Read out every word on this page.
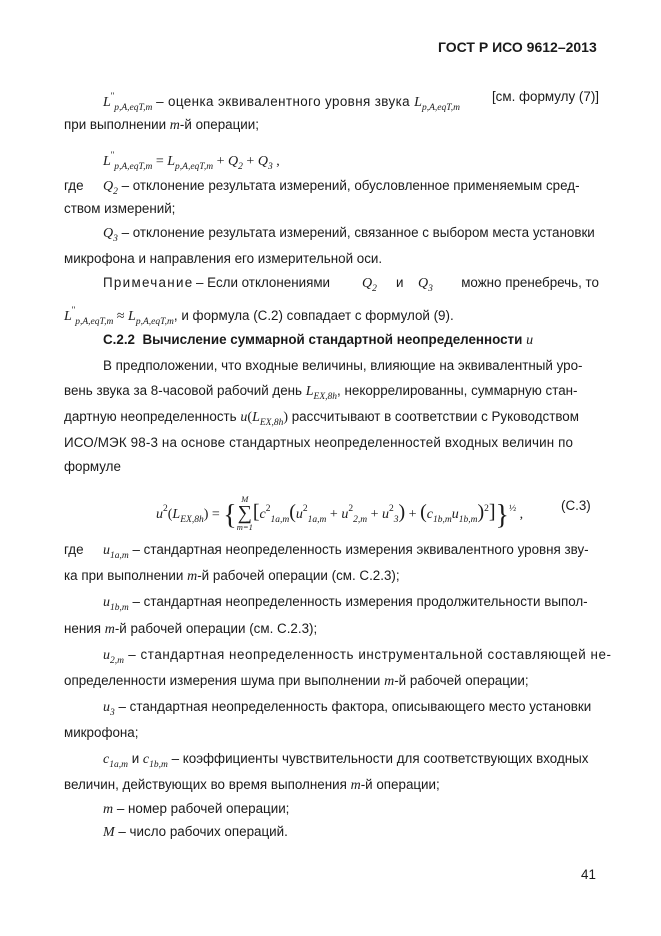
ГОСТ Р ИСО 9612–2013
$L''_{p,A,eqT,m}$ – оценка эквивалентного уровня звука $L_{p,A,eqT,m}$
[см. формулу (7)]
при выполнении m-й операции;
$L''_{p,A,eqT,m} = L_{p,A,eqT,m} + Q_2 + Q_3$ ,
где $Q_2$ – отклонение результата измерений, обусловленное применяемым сред-
ством измерений;
$Q_3$ – отклонение результата измерений, связанное с выбором места установки
микрофона и направления его измерительной оси.
Примечание – Если отклонениями $Q_2$ и $Q_3$ можно пренебречь, то
$L''_{p,A,eqT,m} \approx L_{p,A,eqT,m}$, и формула (С.2) совпадает с формулой (9).
С.2.2 Вычисление суммарной стандартной неопределенности u
В предположении, что входные величины, влияющие на эквивалентный уро-
вень звука за 8-часовой рабочий день $L_{EX,8h}$, некоррелированны, суммарную стан-
дартную неопределенность $u(L_{EX,8h})$ рассчитывают в соответствии с Руководством
ИСО/МЭК 98-3 на основе стандартных неопределенностей входных величин по
формуле
$u^2(L_{EX,8h})$ = {
M
∑
m=1
$[c^2_{1a,m}(u^2_{1a,m} + u^2_{2,m} + u^2_3) + (c_{1b,m}u_{1b,m})^2]\}^{\frac{1}{2}}$ ,
(С.3)
где $u_{1a,m}$ – стандартная неопределенность измерения эквивалентного уровня зву-
ка при выполнении m-й рабочей операции (см. С.2.3);
$u_{1b,m}$ – стандартная неопределенность измерения продолжительности выпол-
нения m-й рабочей операции (см. С.2.3);
$u_{2,m}$ – стандартная неопределенность инструментальной составляющей не-
определенности измерения шума при выполнении m-й рабочей операции;
$u_3$ – стандартная неопределенность фактора, описывающего место установки
микрофона;
$c_{1a,m}$ и $c_{1b,m}$ – коэффициенты чувствительности для соответствующих входных
величин, действующих во время выполнения m-й операции;
m – номер рабочей операции;
M – число рабочих операций.
41
